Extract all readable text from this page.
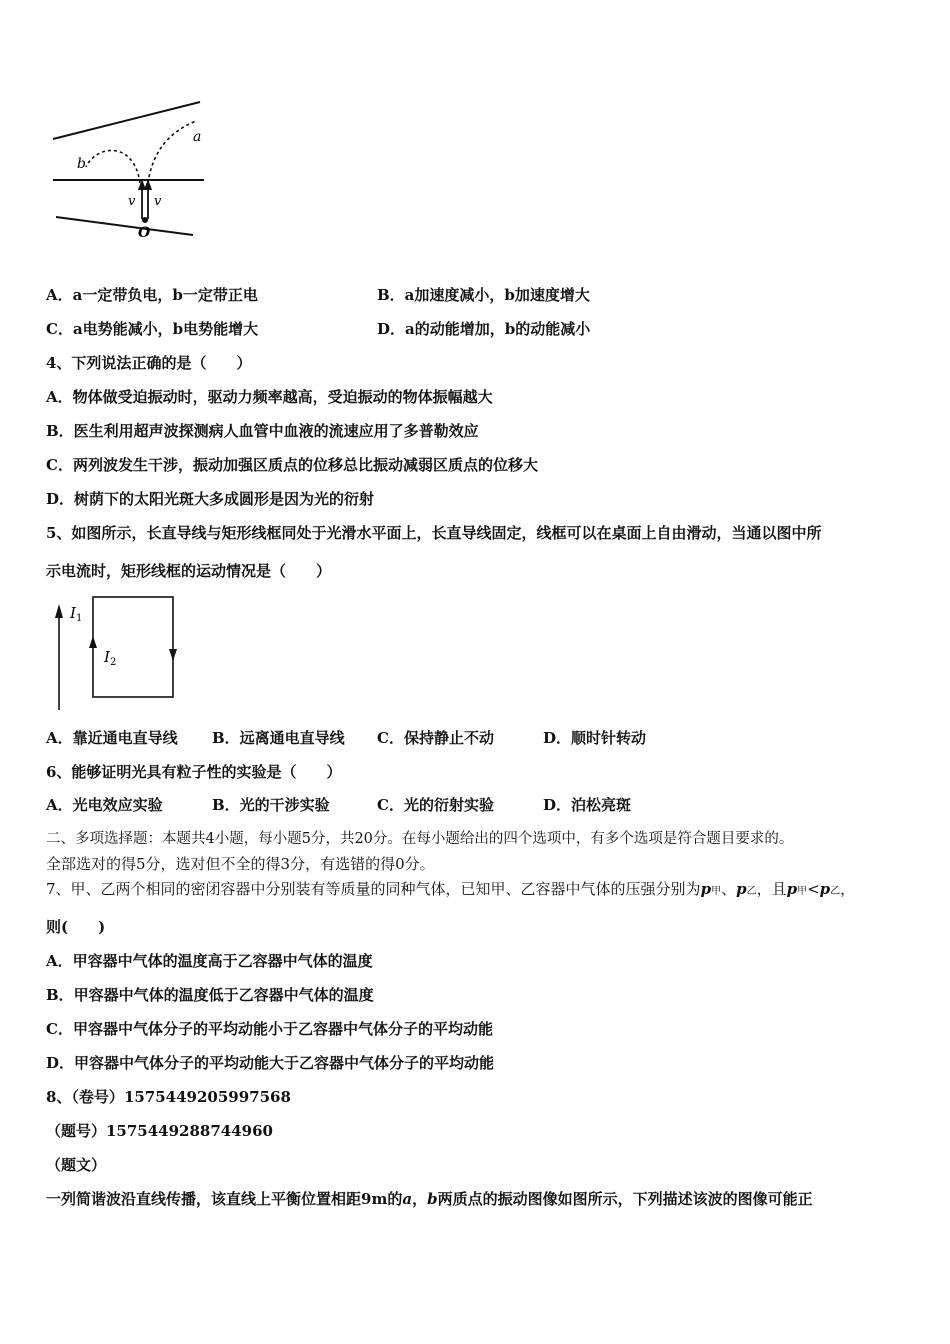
a
b
v v
O
A．a一定带负电，b一定带正电	B．a加速度减小，b加速度增大
C．a电势能减小，b电势能增大	D．a的动能增加，b的动能减小
4、下列说法正确的是（　　）
A．物体做受迫振动时，驱动力频率越高，受迫振动的物体振幅越大
B．医生利用超声波探测病人血管中血液的流速应用了多普勒效应
C．两列波发生干涉，振动加强区质点的位移总比振动减弱区质点的位移大
D．树荫下的太阳光斑大多成圆形是因为光的衍射
5、如图所示，长直导线与矩形线框同处于光滑水平面上，长直导线固定，线框可以在桌面上自由滑动，当通以图中所
示电流时，矩形线框的运动情况是（　　）
$I_1$
$I_2$
A．靠近通电直导线 B．远离通电直导线 C．保持静止不动	D．顺时针转动
6、能够证明光具有粒子性的实验是（　　）
A．光电效应实验	B．光的干涉实验	C．光的衍射实验	D．泊松亮斑
二、多项选择题：本题共4小题，每小题5分，共20分。在每小题给出的四个选项中，有多个选项是符合题目要求的。
全部选对的得5分，选对但不全的得3分，有选错的得0分。
7、甲、乙两个相同的密闭容器中分别装有等质量的同种气体，已知甲、乙容器中气体的压强分别为p甲、p乙，且p甲<p乙，
则(　　)
A．甲容器中气体的温度高于乙容器中气体的温度
B．甲容器中气体的温度低于乙容器中气体的温度
C．甲容器中气体分子的平均动能小于乙容器中气体分子的平均动能
D．甲容器中气体分子的平均动能大于乙容器中气体分子的平均动能
8、（卷号）1575449205997568
（题号）1575449288744960
（题文）
一列简谐波沿直线传播，该直线上平衡位置相距9m的a，b两质点的振动图像如图所示，下列描述该波的图像可能正
